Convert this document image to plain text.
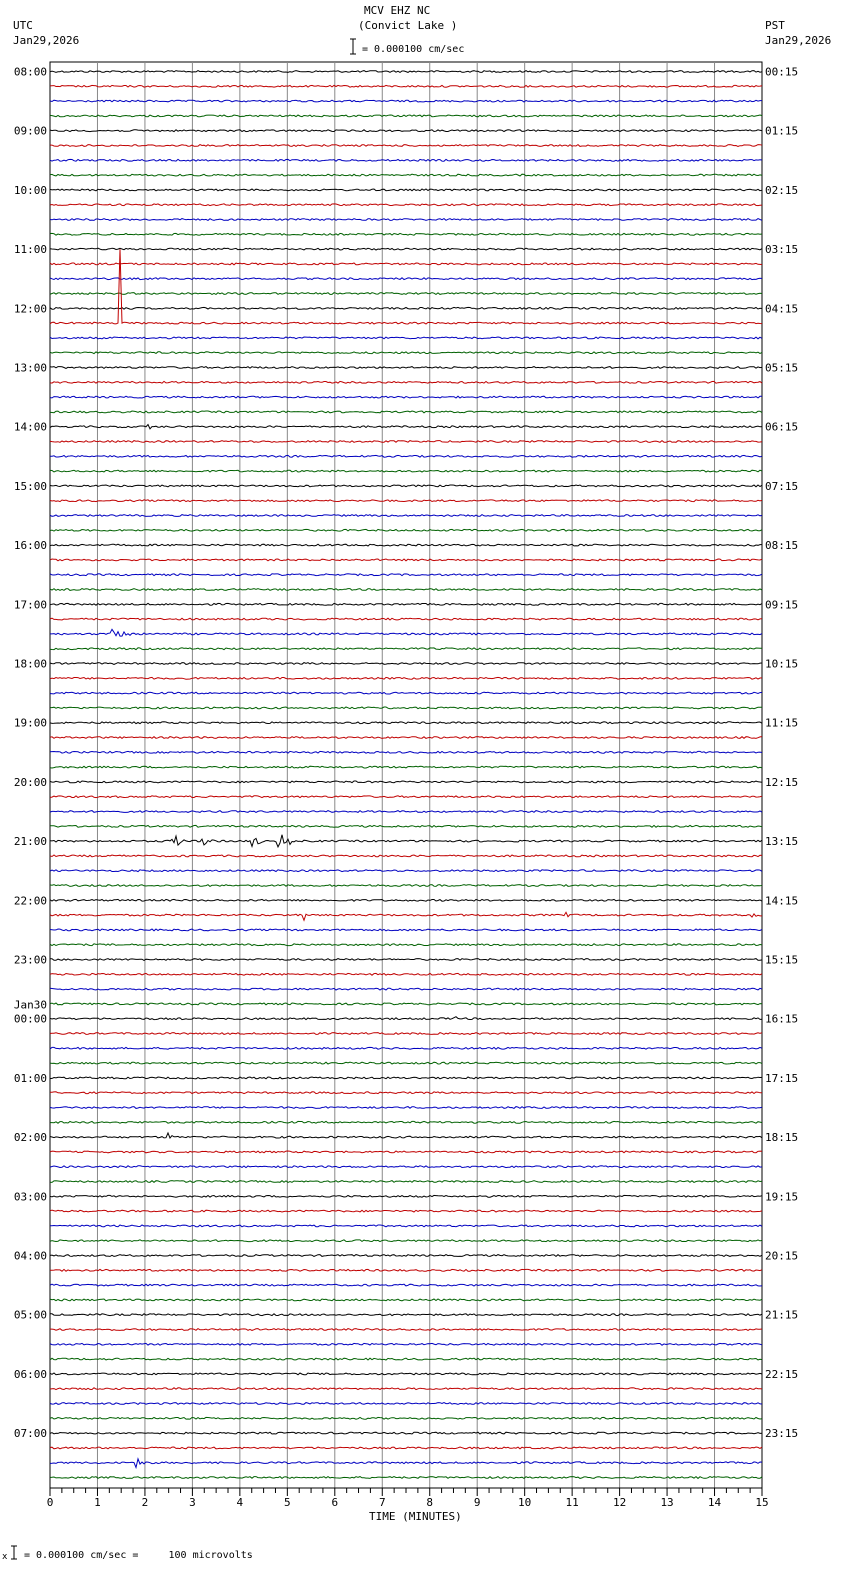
MCV EHZ NC
(Convict Lake )
UTC
Jan29,2026
PST
Jan29,2026
= 0.000100 cm/sec
08:00
09:00
10:00
11:00
12:00
13:00
14:00
15:00
16:00
17:00
18:00
19:00
20:00
21:00
22:00
23:00
00:00
Jan30
01:00
02:00
03:00
04:00
05:00
06:00
07:00
00:15
01:15
02:15
03:15
04:15
05:15
06:15
07:15
08:15
09:15
10:15
11:15
12:15
13:15
14:15
15:15
16:15
17:15
18:15
19:15
20:15
21:15
22:15
23:15
0	1	2	3	4	5	6	7	8	9	10	11	12	13	14	15
TIME (MINUTES)
x = 0.000100 cm/sec =     100 microvolts
